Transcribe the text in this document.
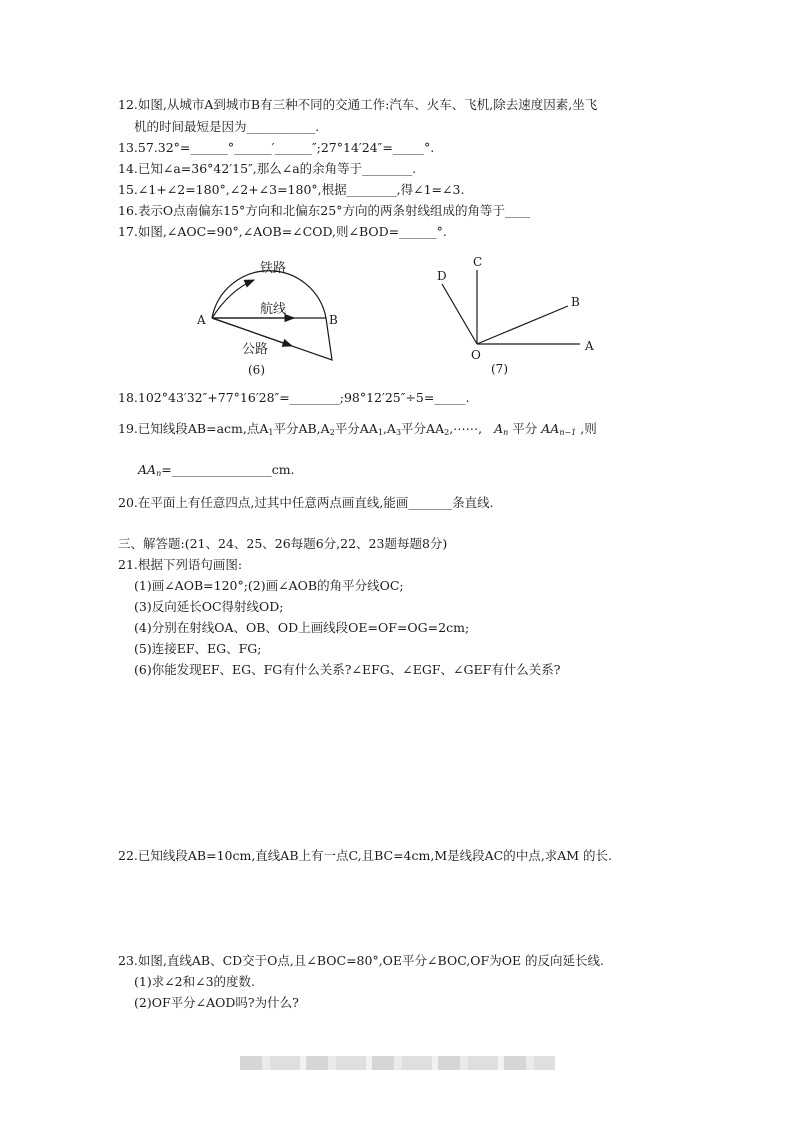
12.如图,从城市A到城市B有三种不同的交通工作:汽车、火车、飞机,除去速度因素,坐飞
机的时间最短是因为___________.
13.57.32°=______°______′______″;27°14′24″=_____°.
14.已知∠a=36°42′15″,那么∠a的余角等于________.
15.∠1+∠2=180°,∠2+∠3=180°,根据________,得∠1=∠3.
16.表示O点南偏东15°方向和北偏东25°方向的两条射线组成的角等于____
17.如图,∠AOC=90°,∠AOB=∠COD,则∠BOD=______°.
铁路
航线
公路
A	B
(6)
D
C
B
O
A
(7)
18.102°43′32″+77°16′28″=________;98°12′25″÷5=_____.
19.已知线段AB=acm,点$A_1$平分$AB,A_2$平分$AA_1,A_3$平分$AA_2,\cdots\cdots$, $A_n$ 平分 $AA_{n-1}$ ,则
$AA_n=\_\_\_\_\_\_\_\_\_\_\_\_\_\_\_\_cm$.
20.在平面上有任意四点,过其中任意两点画直线,能画_______条直线.
三、解答题:(21、24、25、26每题6分,22、23题每题8分)
21.根据下列语句画图:
(1)画∠AOB=120°;(2)画∠AOB的角平分线OC;
(3)反向延长OC得射线OD;
(4)分别在射线OA、OB、OD上画线段OE=OF=OG=2cm;
(5)连接EF、EG、FG;
(6)你能发现EF、EG、FG有什么关系?∠EFG、∠EGF、∠GEF有什么关系?
22.已知线段AB=10cm,直线AB上有一点C,且BC=4cm,M是线段AC的中点,求AM 的长.
23.如图,直线AB、CD交于O点,且∠BOC=80°,OE平分∠BOC,OF为OE 的反向延长线.
(1)求∠2和∠3的度数.
(2)OF平分∠AOD吗?为什么?
